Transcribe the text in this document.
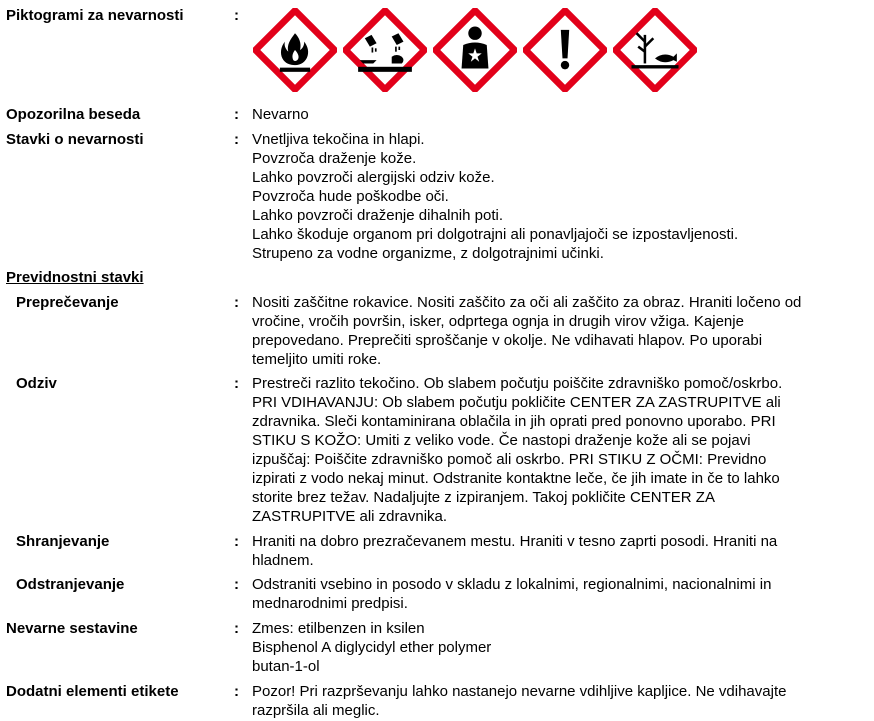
Piktogrami za nevarnosti	:
Opozorilna beseda	: Nevarno
Stavki o nevarnosti	: Vnetljiva tekočina in hlapi.
Povzroča draženje kože.
Lahko povzroči alergijski odziv kože.
Povzroča hude poškodbe oči.
Lahko povzroči draženje dihalnih poti.
Lahko škoduje organom pri dolgotrajni ali ponavljajoči se izpostavljenosti.
Strupeno za vodne organizme, z dolgotrajnimi učinki.
Previdnostni stavki
Preprečevanje	: Nositi zaščitne rokavice. Nositi zaščito za oči ali zaščito za obraz. Hraniti ločeno od
vročine, vročih površin, isker, odprtega ognja in drugih virov vžiga. Kajenje
prepovedano. Preprečiti sproščanje v okolje. Ne vdihavati hlapov. Po uporabi
temeljito umiti roke.
Odziv	: Prestreči razlito tekočino. Ob slabem počutju poiščite zdravniško pomoč/oskrbo.
PRI VDIHAVANJU: Ob slabem počutju pokličite CENTER ZA ZASTRUPITVE ali
zdravnika. Sleči kontaminirana oblačila in jih oprati pred ponovno uporabo. PRI
STIKU S KOŽO: Umiti z veliko vode. Če nastopi draženje kože ali se pojavi
izpuščaj: Poiščite zdravniško pomoč ali oskrbo. PRI STIKU Z OČMI: Previdno
izpirati z vodo nekaj minut. Odstranite kontaktne leče, če jih imate in če to lahko
storite brez težav. Nadaljujte z izpiranjem. Takoj pokličite CENTER ZA
ZASTRUPITVE ali zdravnika.
Shranjevanje	: Hraniti na dobro prezračevanem mestu. Hraniti v tesno zaprti posodi. Hraniti na
hladnem.
Odstranjevanje	: Odstraniti vsebino in posodo v skladu z lokalnimi, regionalnimi, nacionalnimi in
mednarodnimi predpisi.
Nevarne sestavine	: Zmes: etilbenzen in ksilen
Bisphenol A diglycidyl ether polymer
butan-1-ol
Dodatni elementi etikete	: Pozor! Pri razprševanju lahko nastanejo nevarne vdihljive kapljice. Ne vdihavajte
razpršila ali meglic.
